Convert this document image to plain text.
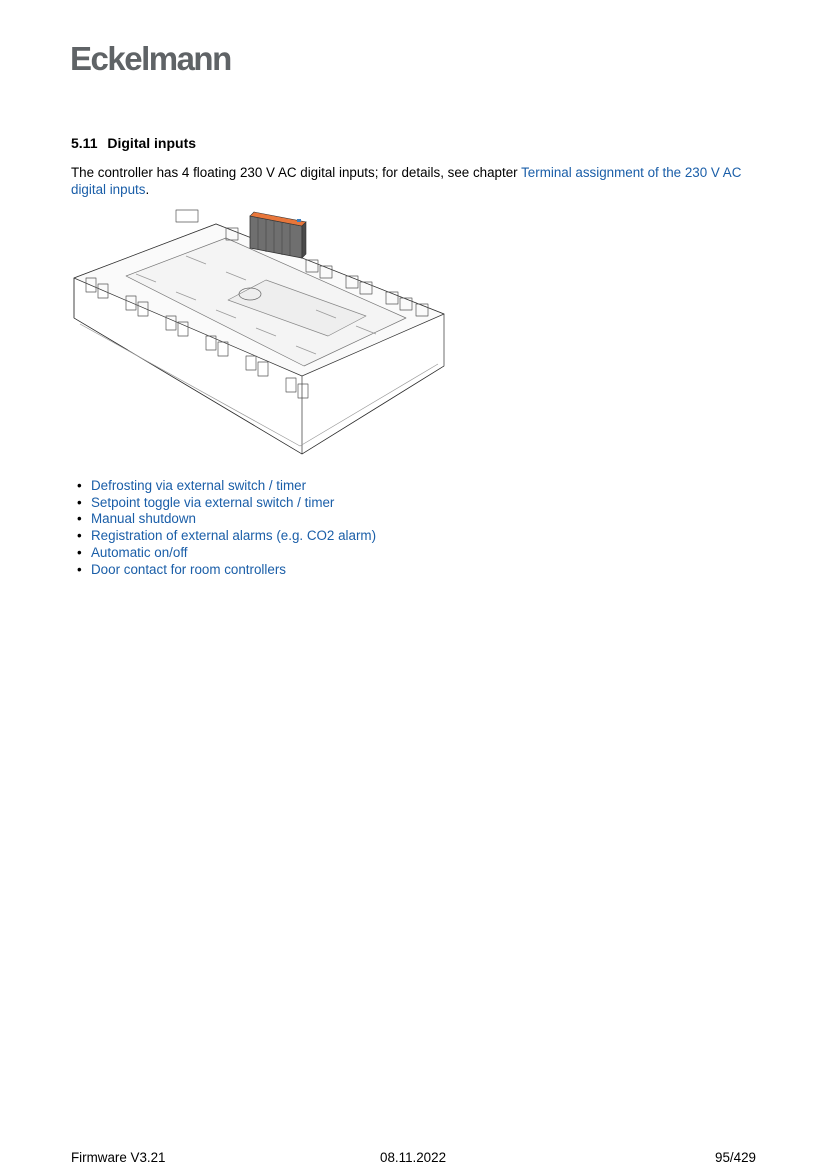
Eckelmann
5.11 Digital inputs
The controller has 4 floating 230 V AC digital inputs; for details, see chapter Terminal assignment of the 230 V AC digital inputs.
• Defrosting via external switch / timer
• Setpoint toggle via external switch / timer
• Manual shutdown
• Registration of external alarms (e.g. CO2 alarm)
• Automatic on/off
• Door contact for room controllers
Firmware V3.21	08.11.2022	95/429
